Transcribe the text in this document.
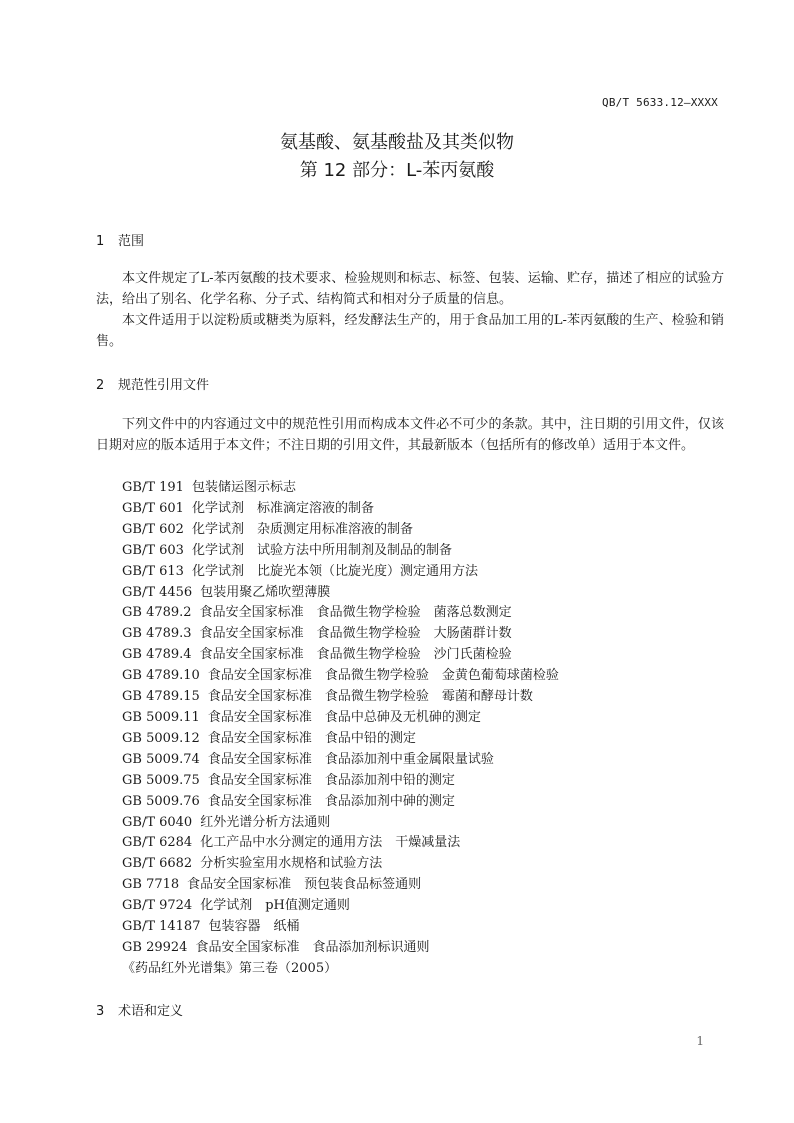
QB/T 5633.12—XXXX
氨基酸、氨基酸盐及其类似物
第 12 部分：L-苯丙氨酸
1 范围

本文件规定了L-苯丙氨酸的技术要求、检验规则和标志、标签、包装、运输、贮存，描述了相应的试验方法，给出了别名、化学名称、分子式、结构简式和相对分子质量的信息。

本文件适用于以淀粉质或糖类为原料，经发酵法生产的，用于食品加工用的L-苯丙氨酸的生产、检验和销售。

2 规范性引用文件

下列文件中的内容通过文中的规范性引用而构成本文件必不可少的条款。其中，注日期的引用文件，仅该日期对应的版本适用于本文件；不注日期的引用文件，其最新版本（包括所有的修改单）适用于本文件。

GB/T 191 包装储运图示标志
GB/T 601 化学试剂　标准滴定溶液的制备
GB/T 602 化学试剂　杂质测定用标准溶液的制备
GB/T 603 化学试剂　试验方法中所用制剂及制品的制备
GB/T 613 化学试剂　比旋光本领（比旋光度）测定通用方法
GB/T 4456 包装用聚乙烯吹塑薄膜
GB 4789.2 食品安全国家标准　食品微生物学检验　菌落总数测定
GB 4789.3 食品安全国家标准　食品微生物学检验　大肠菌群计数
GB 4789.4 食品安全国家标准　食品微生物学检验　沙门氏菌检验
GB 4789.10 食品安全国家标准　食品微生物学检验　金黄色葡萄球菌检验
GB 4789.15 食品安全国家标准　食品微生物学检验　霉菌和酵母计数
GB 5009.11 食品安全国家标准　食品中总砷及无机砷的测定
GB 5009.12 食品安全国家标准　食品中铅的测定
GB 5009.74 食品安全国家标准　食品添加剂中重金属限量试验
GB 5009.75 食品安全国家标准　食品添加剂中铅的测定
GB 5009.76 食品安全国家标准　食品添加剂中砷的测定
GB/T 6040 红外光谱分析方法通则
GB/T 6284 化工产品中水分测定的通用方法　干燥减量法
GB/T 6682 分析实验室用水规格和试验方法
GB 7718 食品安全国家标准　预包装食品标签通则
GB/T 9724 化学试剂　pH值测定通则
GB/T 14187 包装容器　纸桶
GB 29924 食品安全国家标准　食品添加剂标识通则
《药品红外光谱集》第三卷（2005）
3 术语和定义
1
